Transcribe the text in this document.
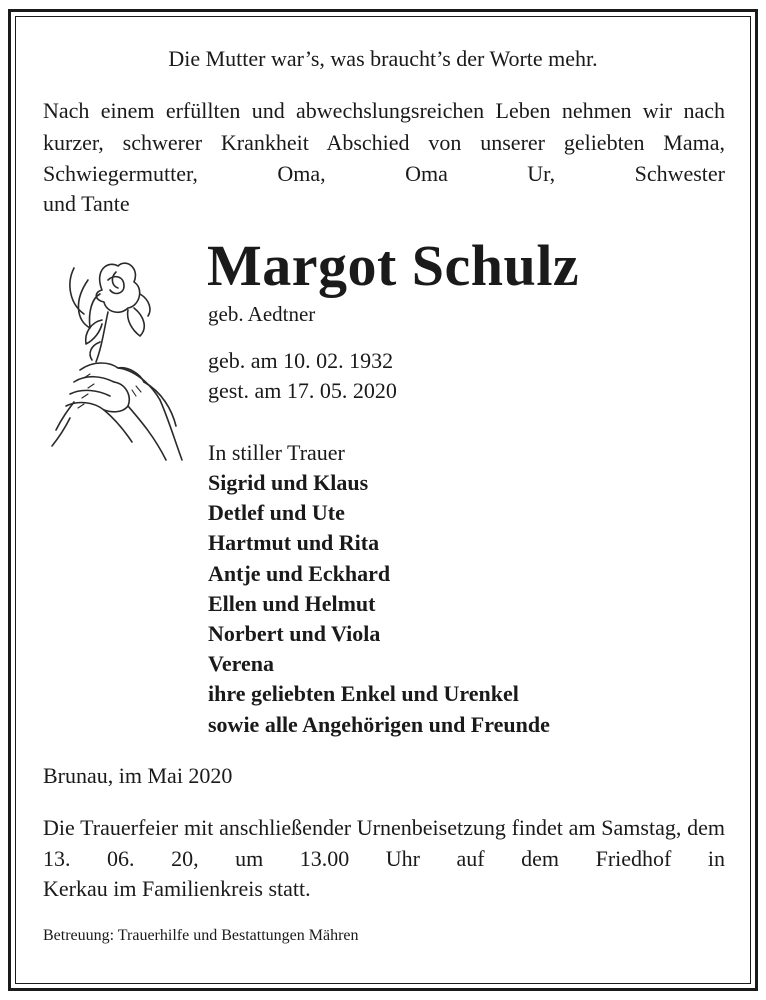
Die Mutter war’s, was braucht’s der Worte mehr.

Nach einem erfüllten und abwechslungsreichen Leben nehmen wir nach kurzer, schwerer Krankheit Abschied von unserer geliebten Mama, Schwiegermutter, Oma, Oma Ur, Schwester

und Tante
Margot Schulz
geb. Aedtner
geb. am 10. 02. 1932
gest. am 17. 05. 2020
In stiller Trauer
Sigrid und Klaus
Detlef und Ute
Hartmut und Rita
Antje und Eckhard
Ellen und Helmut
Norbert und Viola
Verena
ihre geliebten Enkel und Urenkel
sowie alle Angehörigen und Freunde
Brunau, im Mai 2020

Die Trauerfeier mit anschließender Urnenbeisetzung findet am Samstag, dem 13. 06. 20, um 13.00 Uhr auf dem Friedhof in

Kerkau im Familienkreis statt.
Betreuung: Trauerhilfe und Bestattungen Mähren
